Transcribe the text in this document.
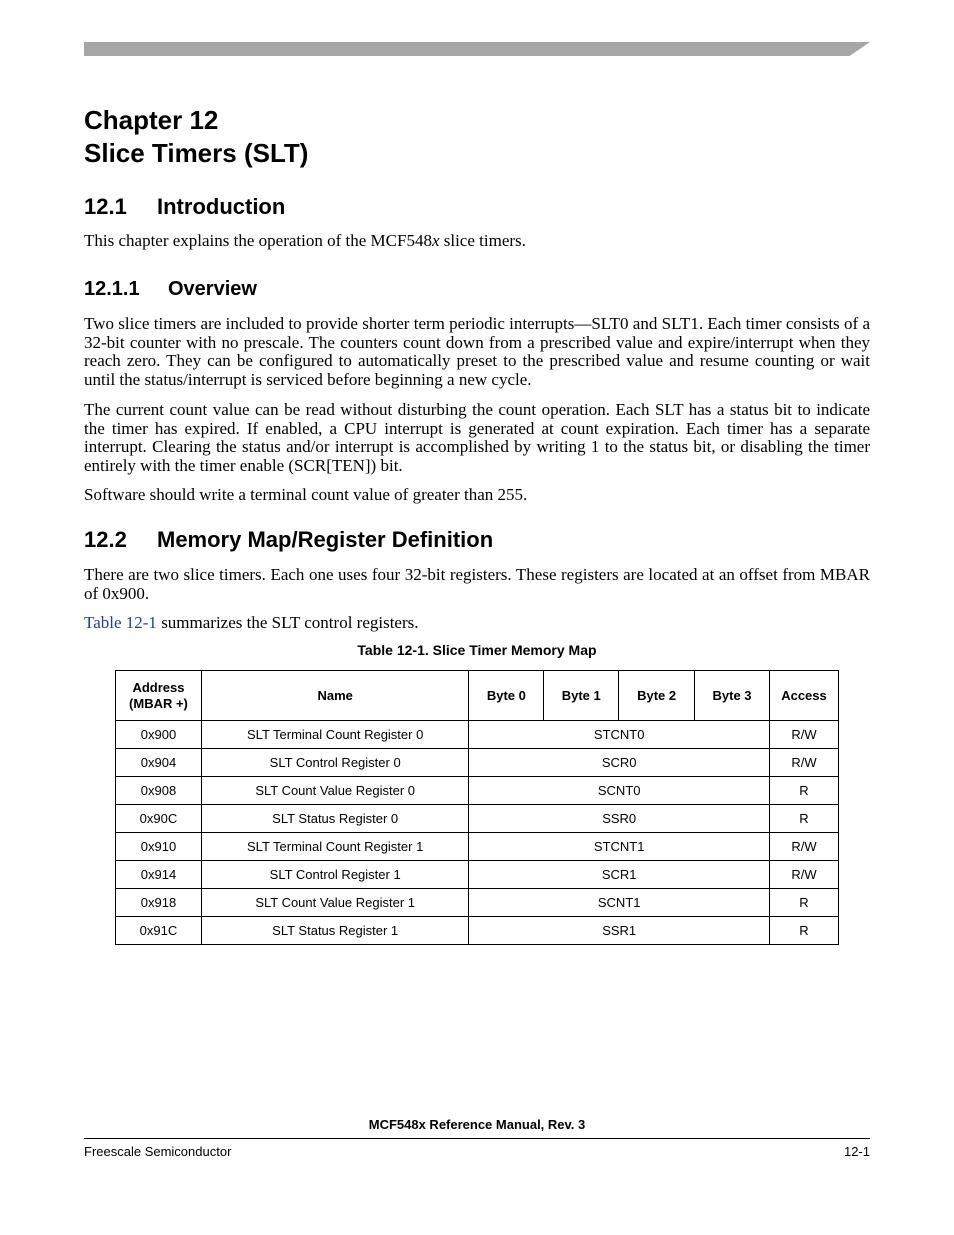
Chapter 12
Slice Timers (SLT)
12.1 Introduction

This chapter explains the operation of the MCF548x slice timers.

12.1.1 Overview

Two slice timers are included to provide shorter term periodic interrupts—SLT0 and SLT1. Each timer consists of a 32-bit counter with no prescale. The counters count down from a prescribed value and expire/interrupt when they reach zero. They can be configured to automatically preset to the prescribed value and resume counting or wait until the status/interrupt is serviced before beginning a new cycle.

The current count value can be read without disturbing the count operation. Each SLT has a status bit to indicate the timer has expired. If enabled, a CPU interrupt is generated at count expiration. Each timer has a separate interrupt. Clearing the status and/or interrupt is accomplished by writing 1 to the status bit, or disabling the timer entirely with the timer enable (SCR[TEN]) bit.

Software should write a terminal count value of greater than 255.

12.2 Memory Map/Register Definition

There are two slice timers. Each one uses four 32-bit registers. These registers are located at an offset from MBAR of 0x900.

Table 12-1 summarizes the SLT control registers.

Table 12-1. Slice Timer Memory Map

Address
(MBAR +)	Name	Byte 0	Byte 1	Byte 2	Byte 3	Access
0x900	SLT Terminal Count Register 0	STCNT0				R/W
0x904	SLT Control Register 0	SCR0				R/W
0x908	SLT Count Value Register 0	SCNT0				R
0x90C	SLT Status Register 0	SSR0				R
0x910	SLT Terminal Count Register 1	STCNT1				R/W
0x914	SLT Control Register 1	SCR1				R/W
0x918	SLT Count Value Register 1	SCNT1				R
0x91C	SLT Status Register 1	SSR1				R

MCF548x Reference Manual, Rev. 3

Freescale Semiconductor	12-1
